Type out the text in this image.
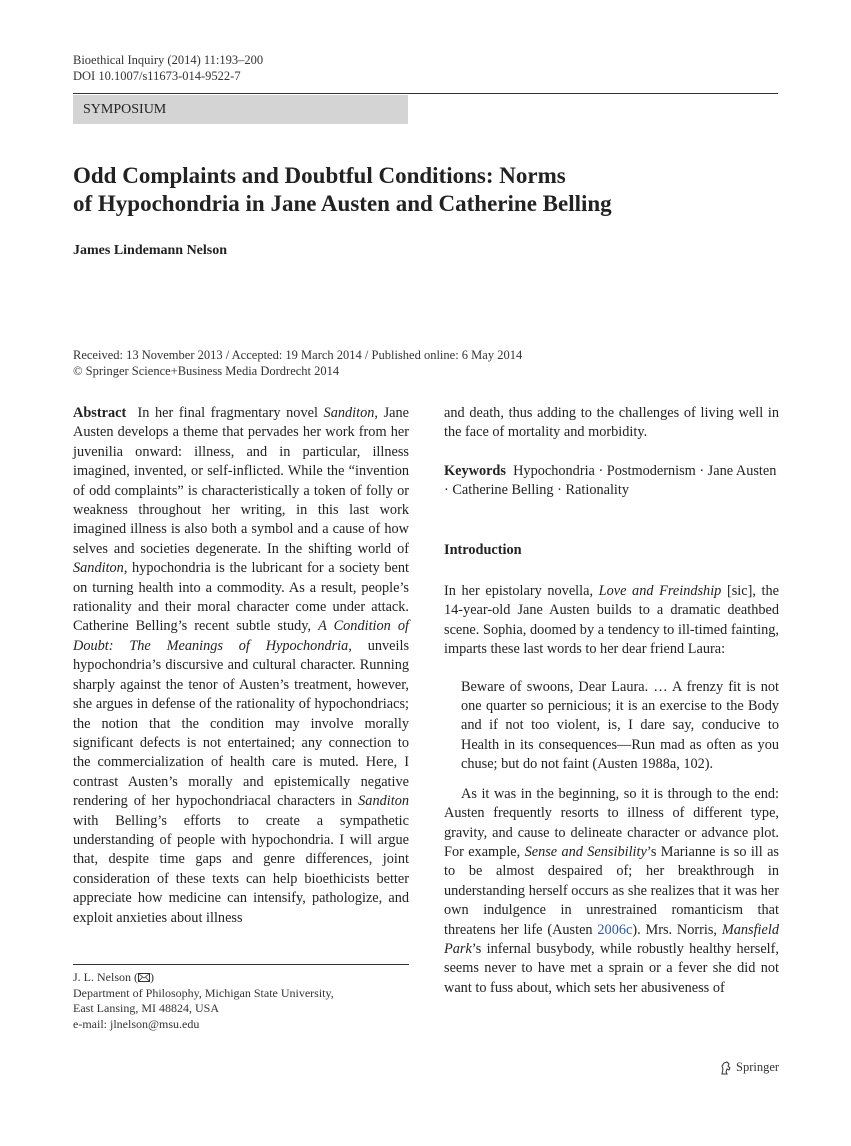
Bioethical Inquiry (2014) 11:193–200
DOI 10.1007/s11673-014-9522-7
SYMPOSIUM
Odd Complaints and Doubtful Conditions: Norms
of Hypochondria in Jane Austen and Catherine Belling
James Lindemann Nelson
Received: 13 November 2013 / Accepted: 19 March 2014 / Published online: 6 May 2014
© Springer Science+Business Media Dordrecht 2014

Abstract In her final fragmentary novel Sanditon, Jane Austen develops a theme that pervades her work from her juvenilia onward: illness, and in particular, illness imagined, invented, or self-inflicted. While the “invention of odd complaints” is characteristically a token of folly or weakness throughout her writing, in this last work imagined illness is also both a symbol and a cause of how selves and societies degenerate. In the shifting world of Sanditon, hypochondria is the lubricant for a society bent on turning health into a commodity. As a result, people’s rationality and their moral character come under attack. Catherine Belling’s recent subtle study, A Condition of Doubt: The Meanings of Hypochondria, unveils hypochondria’s discursive and cultural character. Running sharply against the tenor of Austen’s treatment, however, she argues in defense of the rationality of hypochondriacs; the notion that the condition may involve morally significant defects is not entertained; any connection to the commercialization of health care is muted. Here, I contrast Austen’s morally and epistemically negative rendering of her hypochondriacal characters in Sanditon with Belling’s efforts to create a sympathetic understanding of people with hypochondria. I will argue that, despite time gaps and genre differences, joint consideration of these texts can help bioethicists better appreciate how medicine can intensify, pathologize, and exploit anxieties about illness

and death, thus adding to the challenges of living well in the face of mortality and morbidity.

Keywords Hypochondria · Postmodernism · Jane Austen · Catherine Belling · Rationality

Introduction

In her epistolary novella, Love and Freindship [sic], the 14-year-old Jane Austen builds to a dramatic deathbed scene. Sophia, doomed by a tendency to ill-timed fainting, imparts these last words to her dear friend Laura:

Beware of swoons, Dear Laura. … A frenzy fit is not one quarter so pernicious; it is an exercise to the Body and if not too violent, is, I dare say, conducive to Health in its consequences—Run mad as often as you chuse; but do not faint (Austen 1988a, 102).

As it was in the beginning, so it is through to the end: Austen frequently resorts to illness of different type, gravity, and cause to delineate character or advance plot. For example, Sense and Sensibility’s Marianne is so ill as to be almost despaired of; her breakthrough in understanding herself occurs as she realizes that it was her own indulgence in unrestrained romanticism that threatens her life (Austen 2006c). Mrs. Norris, Mansfield Park’s infernal busybody, while robustly healthy herself, seems never to have met a sprain or a fever she did not want to fuss about, which sets her abusiveness of

J. L. Nelson ( )
Department of Philosophy, Michigan State University,
East Lansing, MI 48824, USA
e-mail: jlnelson@msu.edu
Springer
